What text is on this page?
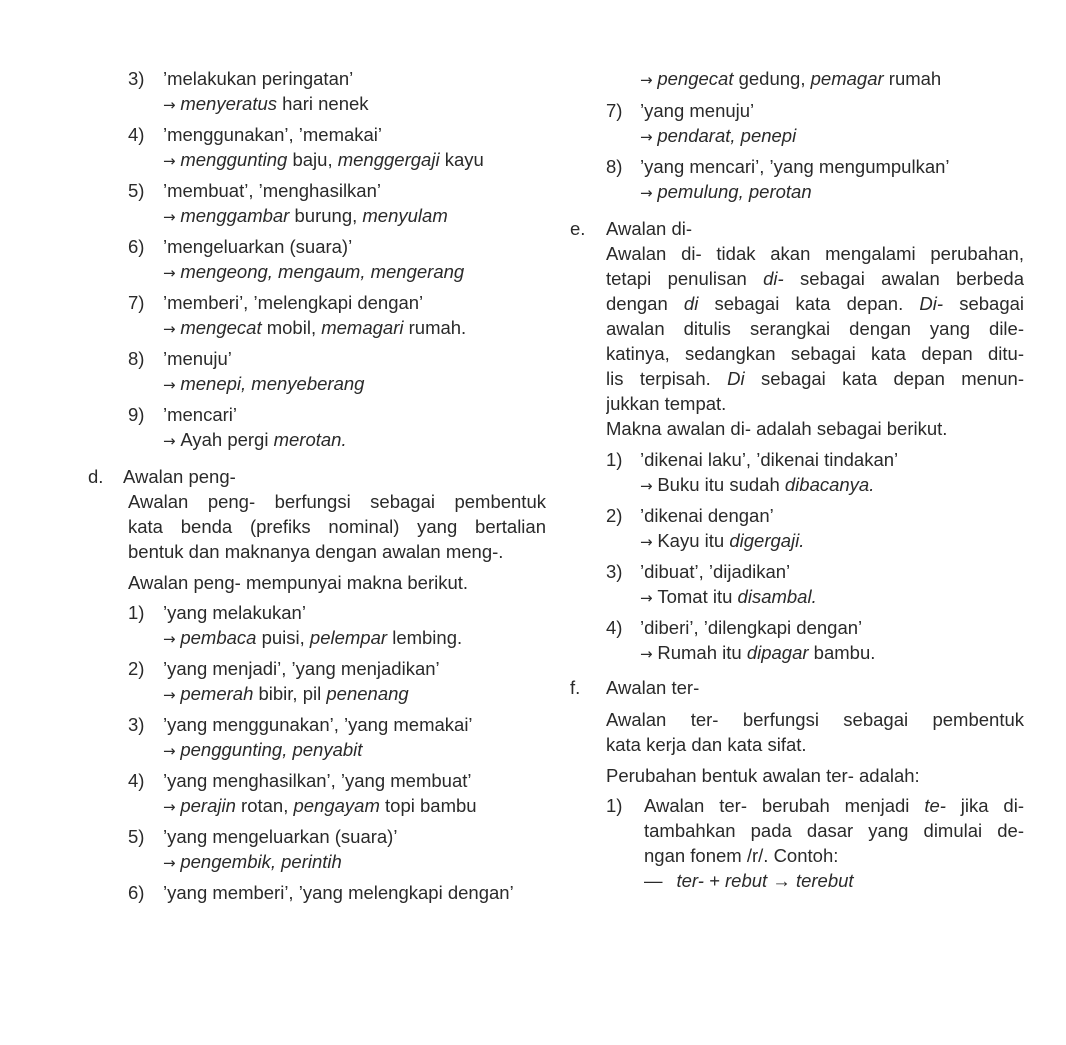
3) ’melakukan peringatan’
→ menyeratus hari nenek
4) ’menggunakan’, ’memakai’
→ menggunting baju, menggergaji kayu
5) ’membuat’, ’menghasilkan’
→ menggambar burung, menyulam
6) ’mengeluarkan (suara)’
→ mengeong, mengaum, mengerang
7) ’memberi’, ’melengkapi dengan’
→ mengecat mobil, memagari rumah.
8) ’menuju’
→ menepi, menyeberang
9) ’mencari’
→ Ayah pergi merotan.
d. Awalan peng-
Awalan peng- berfungsi sebagai pembentuk
kata benda (prefiks nominal) yang bertalian
bentuk dan maknanya dengan awalan meng-.
Awalan peng- mempunyai makna berikut.
1) ’yang melakukan’
→ pembaca puisi, pelempar lembing.
2) ’yang menjadi’, ’yang menjadikan’
→ pemerah bibir, pil penenang
3) ’yang menggunakan’, ’yang memakai’
→ penggunting, penyabit
4) ’yang menghasilkan’, ’yang membuat’
→ perajin rotan, pengayam topi bambu
5) ’yang mengeluarkan (suara)’
→ pengembik, perintih
6) ’yang memberi’, ’yang melengkapi dengan’
→ pengecat gedung, pemagar rumah
7) ’yang menuju’
→ pendarat, penepi
8) ’yang mencari’, ’yang mengumpulkan’
→ pemulung, perotan
e. Awalan di-
Awalan di- tidak akan mengalami perubahan,
tetapi penulisan di- sebagai awalan berbeda
dengan di sebagai kata depan. Di- sebagai
awalan ditulis serangkai dengan yang dile-
katinya, sedangkan sebagai kata depan ditu-
lis terpisah. Di sebagai kata depan menun-
jukkan tempat.
Makna awalan di- adalah sebagai berikut.
1) ’dikenai laku’, ’dikenai tindakan’
→ Buku itu sudah dibacanya.
2) ’dikenai dengan’
→ Kayu itu digergaji.
3) ’dibuat’, ’dijadikan’
→ Tomat itu disambal.
4) ’diberi’, ’dilengkapi dengan’
→ Rumah itu dipagar bambu.
f. Awalan ter-
Awalan ter- berfungsi sebagai pembentuk
kata kerja dan kata sifat.
Perubahan bentuk awalan ter- adalah:
1) Awalan ter- berubah menjadi te- jika di-
tambahkan pada dasar yang dimulai de-
ngan fonem /r/. Contoh:
— ter- + rebut → terebut
